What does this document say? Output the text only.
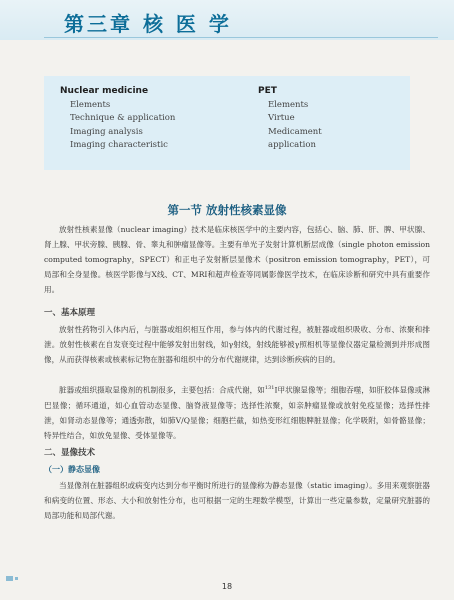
第三章 核 医 学
Nuclear medicine
Elements
Technique & application
Imaging analysis
Imaging characteristic
PET
Elements
Virtue
Medicament
application
第一节 放射性核素显像
放射性核素显像（nuclear imaging）技术是临床核医学中的主要内容，包括心、脑、肺、肝、脾、甲状腺、肾上腺、甲状旁腺、胰腺、骨、睾丸和肿瘤显像等。主要有单光子发射计算机断层成像（single photon emission computed tomography，SPECT）和正电子发射断层显像术（positron emission tomography，PET），可局部和全身显像。核医学影像与X线、CT、MRI和超声检查等同属影像医学技术，在临床诊断和研究中具有重要作用。
一、基本原理
放射性药物引入体内后，与脏器或组织相互作用，参与体内的代谢过程，被脏器或组织吸收、分布、浓聚和排泄。放射性核素在自发衰变过程中能够发射出射线，如γ射线，射线能够被γ照相机等显像仪器定量检测到并形成图像，从而获得核素或核素标记物在脏器和组织中的分布代谢规律，达到诊断疾病的目的。
脏器或组织摄取显像剂的机制很多，主要包括：合成代谢，如$^{131}$I甲状腺显像等；细胞吞噬，如肝胶体显像或淋巴显像；循环通道，如心血管动态显像、脑脊液显像等；选择性浓聚，如亲肿瘤显像或放射免疫显像；选择性排泄，如肾动态显像等；通透弥散，如肺V/Q显像；细胞拦截，如热变形红细胞脾脏显像；化学吸附，如骨骼显像；特异性结合，如放免显像、受体显像等。
二、显像技术
（一）静态显像
当显像剂在脏器组织或病变内达到分布平衡时所进行的显像称为静态显像（static imaging）。多用来观察脏器和病变的位置、形态、大小和放射性分布，也可根据一定的生理数学模型，计算出一些定量参数，定量研究脏器的局部功能和局部代谢。
18
